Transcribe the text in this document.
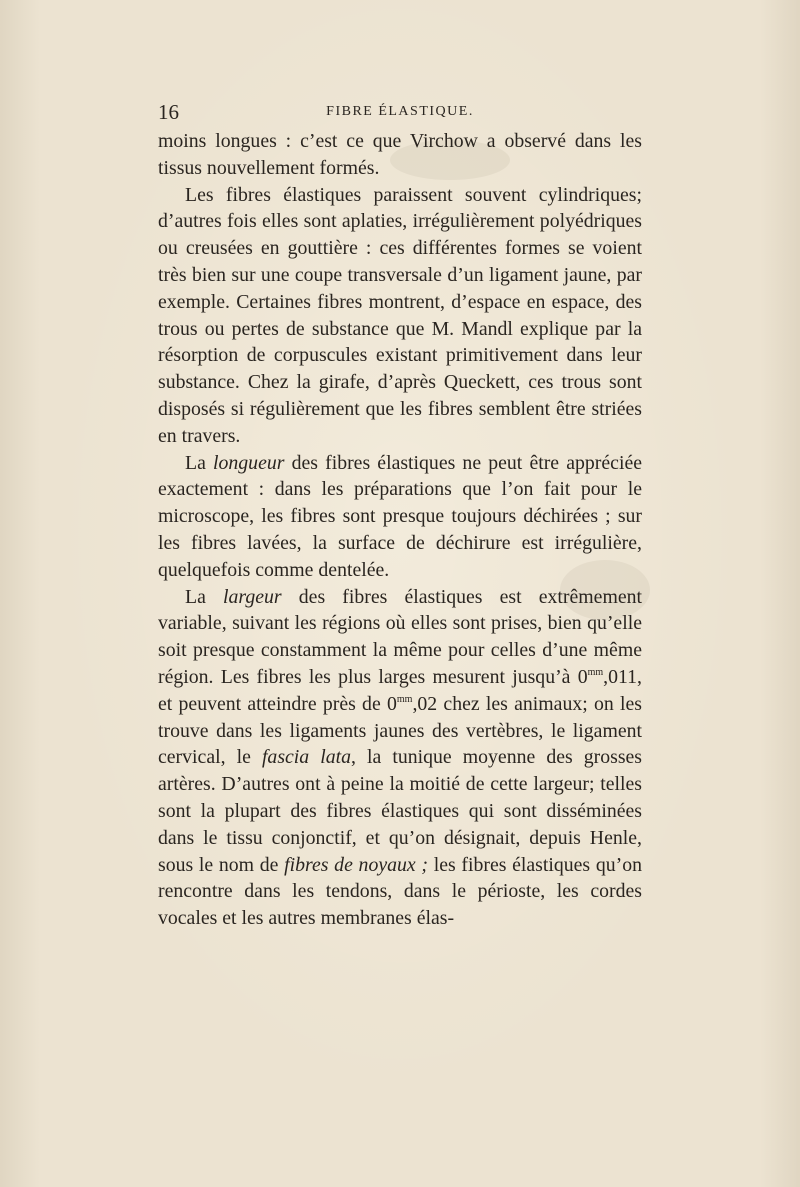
16	FIBRE ÉLASTIQUE.

moins longues : c’est ce que Virchow a observé dans les tissus nouvellement formés.

Les fibres élastiques paraissent souvent cylindriques; d’autres fois elles sont aplaties, irrégulièrement polyédriques ou creusées en gouttière : ces différentes formes se voient très bien sur une coupe transversale d’un ligament jaune, par exemple. Certaines fibres montrent, d’espace en espace, des trous ou pertes de substance que M. Mandl explique par la résorption de corpuscules existant primitivement dans leur substance. Chez la girafe, d’après Queckett, ces trous sont disposés si régulièrement que les fibres semblent être striées en travers.

La longueur des fibres élastiques ne peut être appréciée exactement : dans les préparations que l’on fait pour le microscope, les fibres sont presque toujours déchirées ; sur les fibres lavées, la surface de déchirure est irrégulière, quelquefois comme dentelée.

La largeur des fibres élastiques est extrêmement variable, suivant les régions où elles sont prises, bien qu’elle soit presque constamment la même pour celles d’une même région. Les fibres les plus larges mesurent jusqu’à $0^{mm},011$, et peuvent atteindre près de $0^{mm},02$ chez les animaux; on les trouve dans les ligaments jaunes des vertèbres, le ligament cervical, le fascia lata, la tunique moyenne des grosses artères. D’autres ont à peine la moitié de cette largeur; telles sont la plupart des fibres élastiques qui sont disséminées dans le tissu conjonctif, et qu’on désignait, depuis Henle, sous le nom de fibres de noyaux ; les fibres élastiques qu’on rencontre dans les tendons, dans le périoste, les cordes vocales et les autres membranes élas-
